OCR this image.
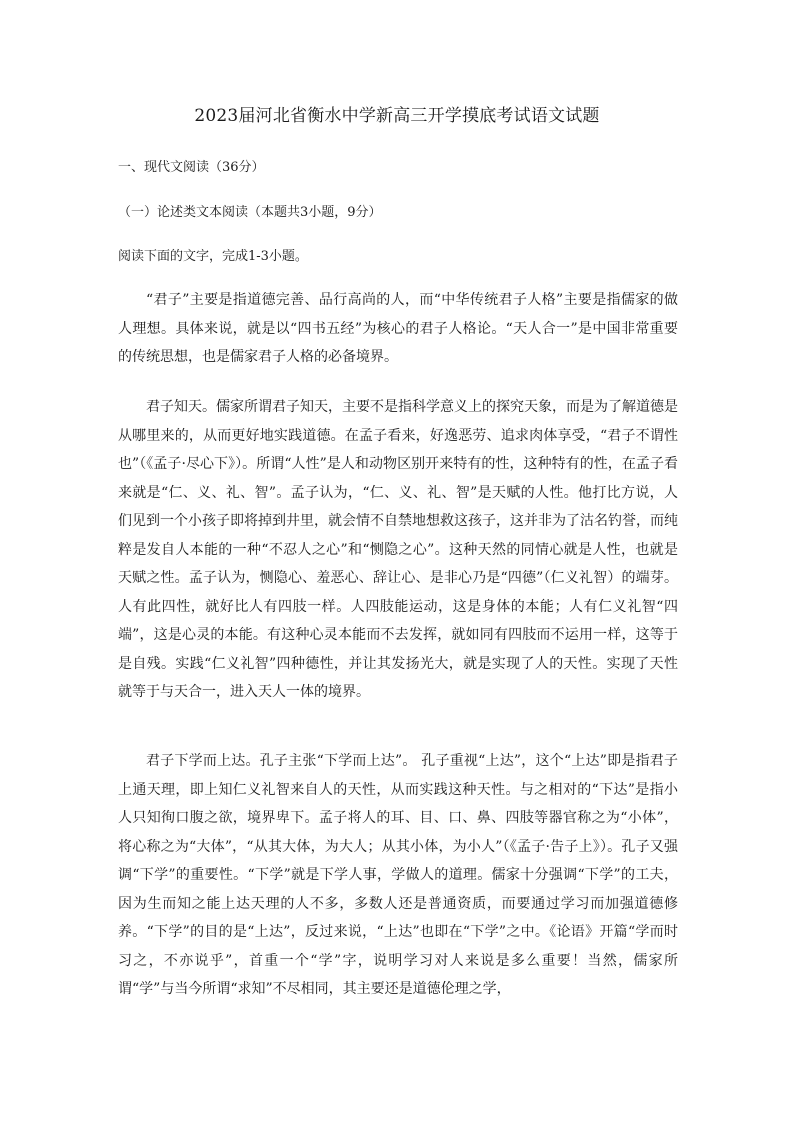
2023届河北省衡水中学新高三开学摸底考试语文试题
一、现代文阅读（36分）
（一）论述类文本阅读（本题共3小题，9分）
阅读下面的文字，完成1-3小题。

“君子”主要是指道德完善、品行高尚的人，而“中华传统君子人格”主要是指儒家的做人理想。具体来说，就是以“四书五经”为核心的君子人格论。“天人合一”是中国非常重要的传统思想，也是儒家君子人格的必备境界。

君子知天。儒家所谓君子知天，主要不是指科学意义上的探究天象，而是为了解道德是从哪里来的，从而更好地实践道德。在孟子看来，好逸恶劳、追求肉体享受，“君子不谓性也”（《孟子·尽心下》）。所谓“人性”是人和动物区别开来特有的性，这种特有的性，在孟子看来就是“仁、义、礼、智”。孟子认为，“仁、义、礼、智”是天赋的人性。他打比方说，人们见到一个小孩子即将掉到井里，就会情不自禁地想救这孩子，这并非为了沽名钓誉，而纯粹是发自人本能的一种“不忍人之心”和“恻隐之心”。这种天然的同情心就是人性，也就是天赋之性。孟子认为，恻隐心、羞恶心、辞让心、是非心乃是“四德”（仁义礼智）的端芽。人有此四性，就好比人有四肢一样。人四肢能运动，这是身体的本能；人有仁义礼智“四端”，这是心灵的本能。有这种心灵本能而不去发挥，就如同有四肢而不运用一样，这等于是自残。实践“仁义礼智”四种德性，并让其发扬光大，就是实现了人的天性。实现了天性就等于与天合一，进入天人一体的境界。

君子下学而上达。孔子主张“下学而上达”。 孔子重视“上达”，这个“上达”即是指君子上通天理，即上知仁义礼智来自人的天性，从而实践这种天性。与之相对的“下达”是指小人只知徇口腹之欲，境界卑下。孟子将人的耳、目、口、鼻、四肢等器官称之为“小体”，将心称之为“大体”，“从其大体，为大人；从其小体，为小人”（《孟子·告子上》）。孔子又强调“下学”的重要性。“下学”就是下学人事，学做人的道理。儒家十分强调“下学”的工夫，因为生而知之能上达天理的人不多，多数人还是普通资质，而要通过学习而加强道德修养。“下学”的目的是“上达”，反过来说，“上达”也即在“下学”之中。《论语》开篇“学而时习之，不亦说乎”，首重一个“学”字，说明学习对人来说是多么重要！当然，儒家所谓“学”与当今所谓“求知”不尽相同，其主要还是道德伦理之学，
